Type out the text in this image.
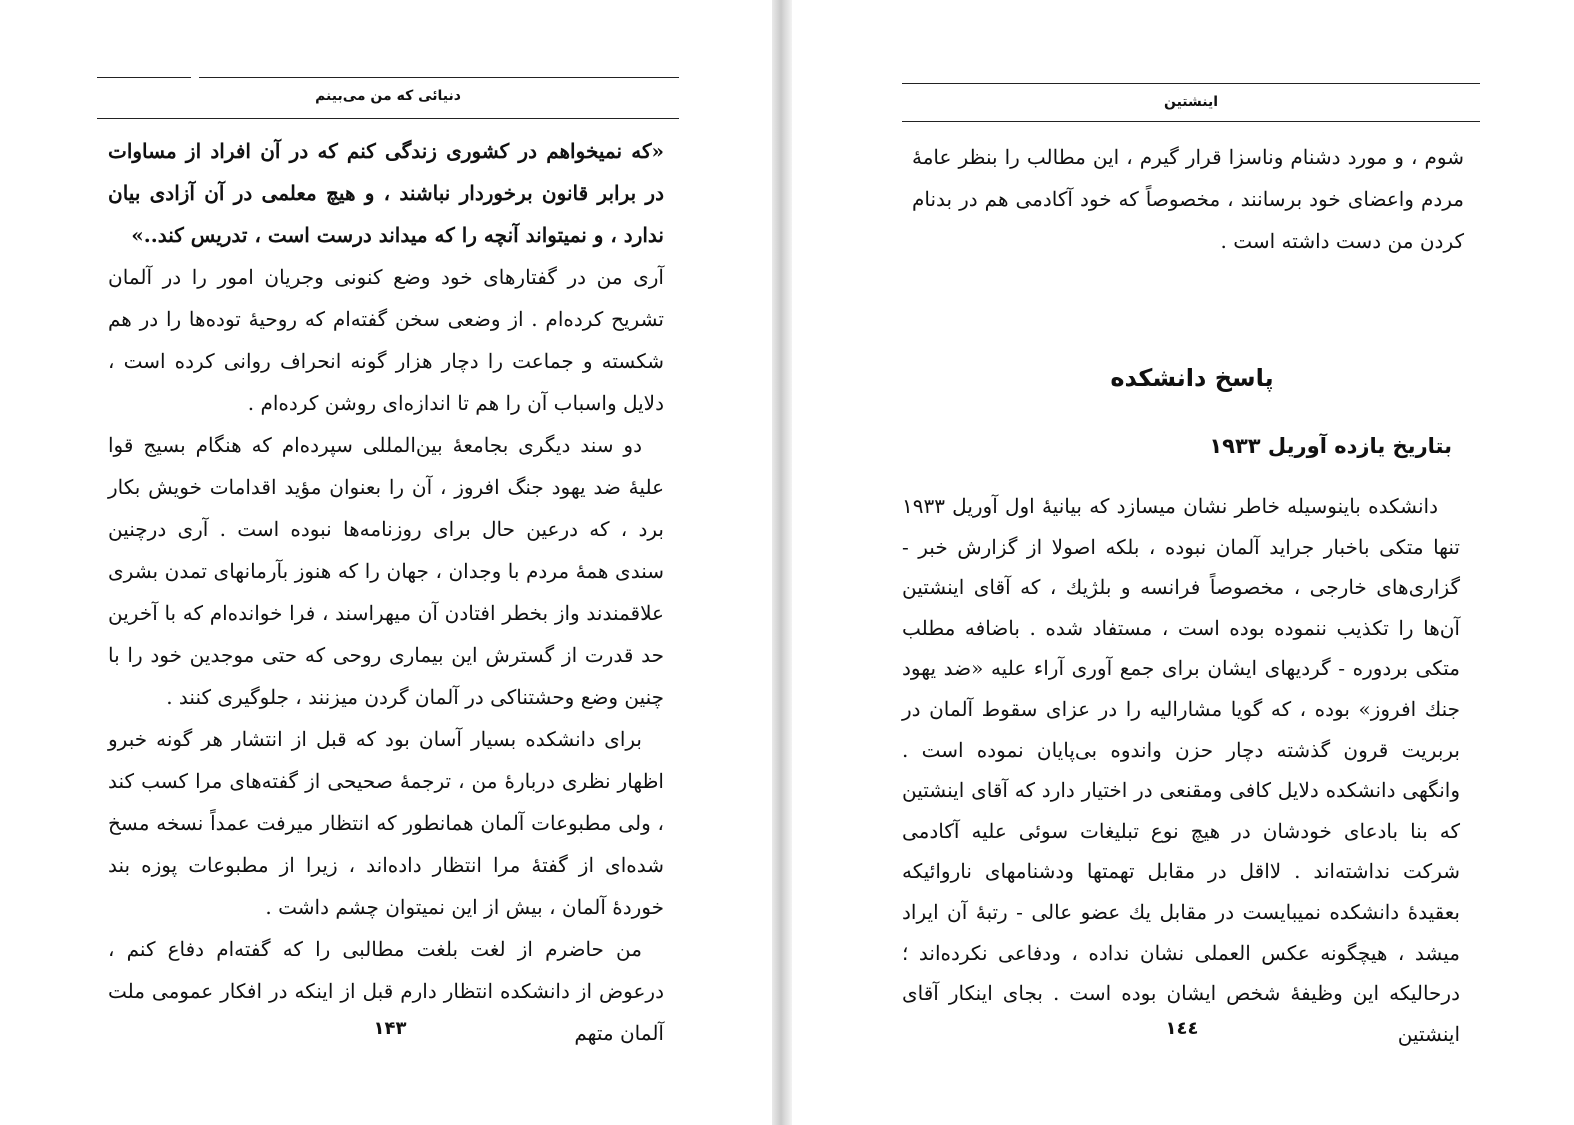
دنیائی که من می‌بینم

«که نمیخواهم در کشوری زندگی کنم که در آن افراد از مساوات در برابر قانون برخوردار نباشند ، و هیچ معلمی در آن آزادی بیان ندارد ، و نمیتواند آنچه را که میداند درست است ، تدریس کند..»

آری من در گفتارهای خود وضع کنونی وجریان امور را در آلمان تشریح کرده‌ام . از وضعی سخن گفته‌ام که روحیهٔ توده‌ها را در هم شکسته و جماعت را دچار هزار گونه انحراف روانی کرده است ، دلایل واسباب آن را هم تا اندازه‌ای روشن کرده‌ام .

دو سند دیگری بجامعهٔ بین‌المللی سپرده‌ام که هنگام بسیج قوا علیهٔ ضد یهود جنگ افروز ، آن را بعنوان مؤید اقدامات خویش بکار برد ، که درعین حال برای روزنامه‌ها نبوده است . آری درچنین سندی همهٔ مردم با وجدان ، جهان را که هنوز بآرمانهای تمدن بشری علاقمندند واز بخطر افتادن آن میهراسند ، فرا خوانده‌ام که با آخرین حد قدرت از گسترش این بیماری روحی که حتی موجدین خود را با چنین وضع وحشتناکی در آلمان گردن میزنند ، جلوگیری کنند .

برای دانشکده بسیار آسان بود که قبل از انتشار هر گونه خبرو اظهار نظری دربارهٔ من ، ترجمهٔ صحیحی از گفته‌های مرا کسب کند ، ولی مطبوعات آلمان همانطور که انتظار میرفت عمداً نسخه مسخ شده‌ای از گفتهٔ مرا انتظار داده‌اند ، زیرا از مطبوعات پوزه بند خوردهٔ آلمان ، بیش از این نمیتوان چشم داشت .

من حاضرم از لغت بلغت مطالبی را که گفته‌ام دفاع کنم ، درعوض از دانشکده انتظار دارم قبل از اینکه در افکار عمومی ملت آلمان متهم

۱۴۳
اینشتین
شوم ، و مورد دشنام وناسزا قرار گیرم ، این مطالب را بنظر عامهٔ مردم واعضای خود برسانند ، مخصوصاً که خود آکادمی هم در بدنام کردن من دست داشته است .
پاسخ دانشکده
بتاریخ یازده آوریل ۱۹۳۳
دانشکده باینوسیله خاطر نشان میسازد که بیانیهٔ اول آوریل ۱۹۳۳ تنها متکی باخبار جراید آلمان نبوده ، بلکه اصولا از گزارش خبر - گزاری‌های خارجی ، مخصوصاً فرانسه و بلژیك ، که آقای اینشتین آن‌ها را تکذیب ننموده بوده است ، مستفاد شده . باضافه مطلب متکی بردوره - گردیهای ایشان برای جمع آوری آراء علیه «ضد یهود جنك افروز» بوده ، که گویا مشارالیه را در عزای سقوط آلمان در بربریت قرون گذشته دچار حزن واندوه بی‌پایان نموده است . وانگهی دانشکده دلایل کافی ومقنعی در اختیار دارد که آقای اینشتین که بنا بادعای خودشان در هیچ نوع تبلیغات سوئی علیه آکادمی شرکت نداشته‌اند . لااقل در مقابل تهمتها ودشنامهای ناروائیکه بعقیدهٔ دانشکده نمیبایست در مقابل یك عضو عالی - رتبهٔ آن ایراد میشد ، هیچگونه عکس العملی نشان نداده ، ودفاعی نکرده‌اند ؛ درحالیکه این وظیفهٔ شخص ایشان بوده است . بجای اینکار آقای اینشتین
۱٤٤
